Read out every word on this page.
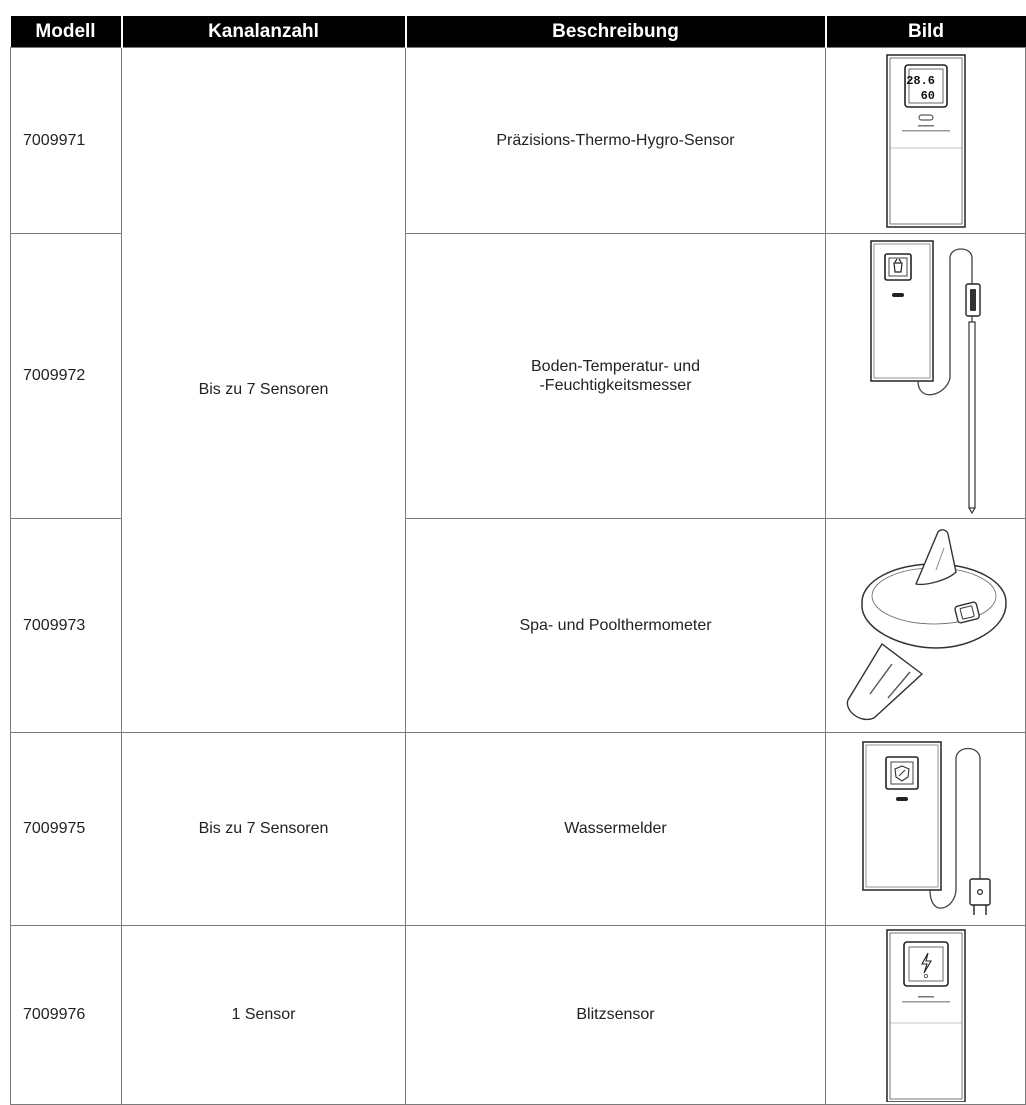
Modell	Kanalanzahl	Beschreibung	Bild
7009971	Bis zu 7 Sensoren	Präzisions-Thermo-Hygro-Sensor	28.6
60

7009972		Boden-Temperatur- und
-Feuchtigkeitsmesser

7009973		Spa- und Poolthermometer	

7009975	Bis zu 7 Sensoren	Wassermelder	

7009976	1 Sensor	Blitzsensor	
